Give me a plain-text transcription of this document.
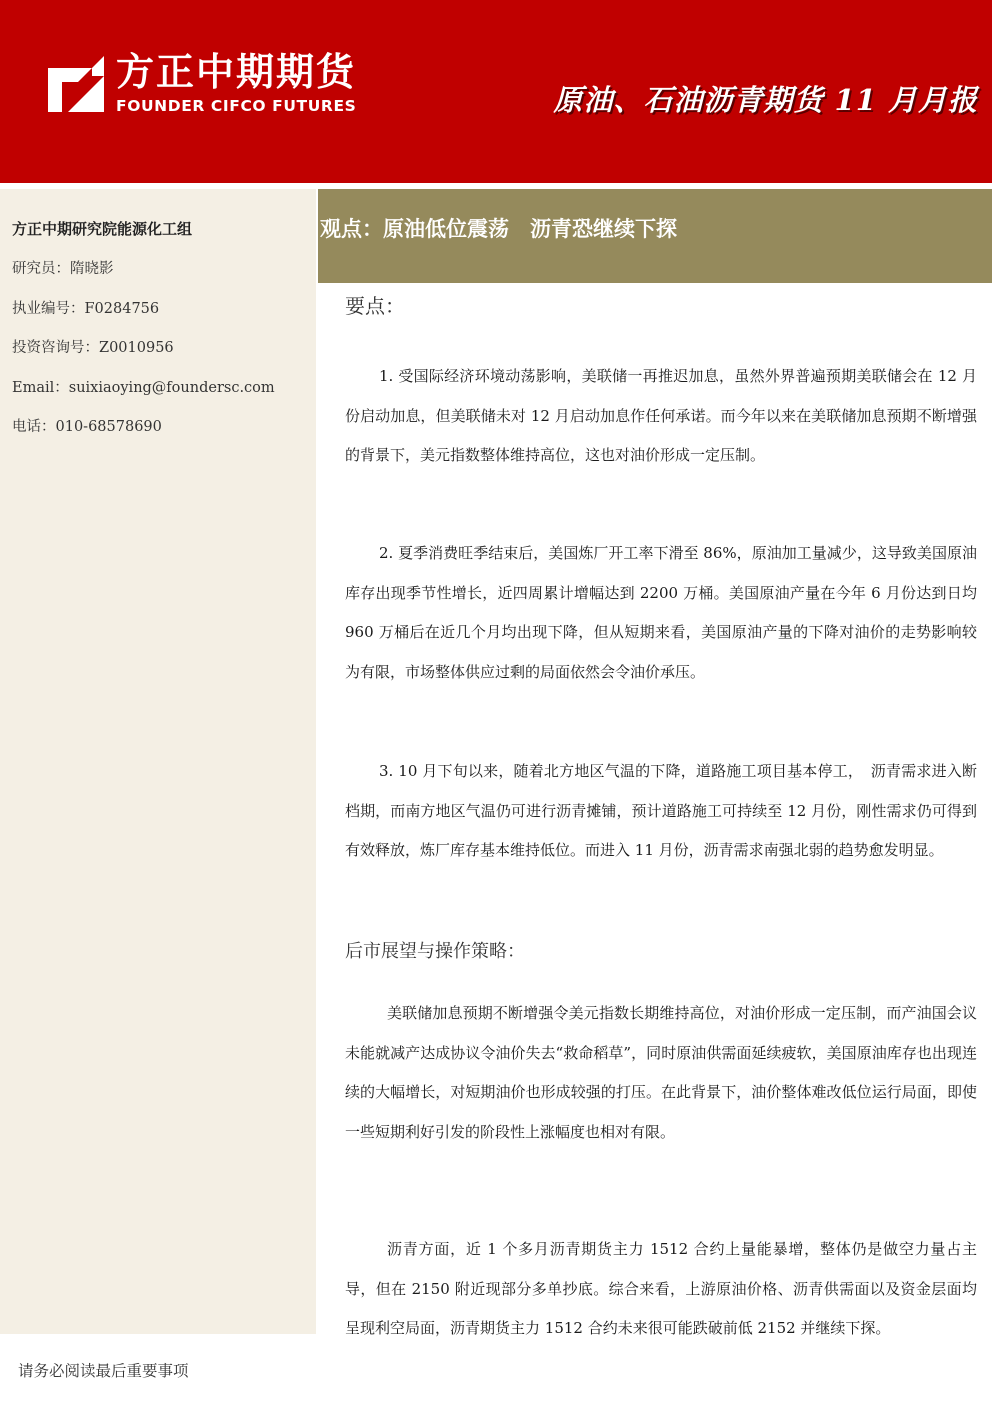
方正中期期货
FOUNDER CIFCO FUTURES	原油、石油沥青期货 11 月月报
方正中期研究院能源化工组
研究员：隋晓影
执业编号：F0284756
投资咨询号：Z0010956
Email：suixiaoying@foundersc.com
电话：010-68578690
请务必阅读最后重要事项
观点：原油低位震荡　沥青恐继续下探
要点：

1. 受国际经济环境动荡影响，美联储一再推迟加息，虽然外界普遍预期美联储会在 12 月份启动加息，但美联储未对 12 月启动加息作任何承诺。而今年以来在美联储加息预期不断增强的背景下，美元指数整体维持高位，这也对油价形成一定压制。

2. 夏季消费旺季结束后，美国炼厂开工率下滑至 86%，原油加工量减少，这导致美国原油库存出现季节性增长，近四周累计增幅达到 2200 万桶。美国原油产量在今年 6 月份达到日均 960 万桶后在近几个月均出现下降，但从短期来看，美国原油产量的下降对油价的走势影响较为有限，市场整体供应过剩的局面依然会令油价承压。

3. 10 月下旬以来，随着北方地区气温的下降，道路施工项目基本停工，　沥青需求进入断档期，而南方地区气温仍可进行沥青摊铺，预计道路施工可持续至 12 月份，刚性需求仍可得到有效释放，炼厂库存基本维持低位。而进入 11 月份，沥青需求南强北弱的趋势愈发明显。

后市展望与操作策略：

美联储加息预期不断增强令美元指数长期维持高位，对油价形成一定压制，而产油国会议未能就减产达成协议令油价失去“救命稻草”，同时原油供需面延续疲软，美国原油库存也出现连续的大幅增长，对短期油价也形成较强的打压。在此背景下，油价整体难改低位运行局面，即使一些短期利好引发的阶段性上涨幅度也相对有限。

沥青方面，近 1 个多月沥青期货主力 1512 合约上量能暴增，整体仍是做空力量占主导，但在 2150 附近现部分多单抄底。综合来看，上游原油价格、沥青供需面以及资金层面均呈现利空局面，沥青期货主力 1512 合约未来很可能跌破前低 2152 并继续下探。
